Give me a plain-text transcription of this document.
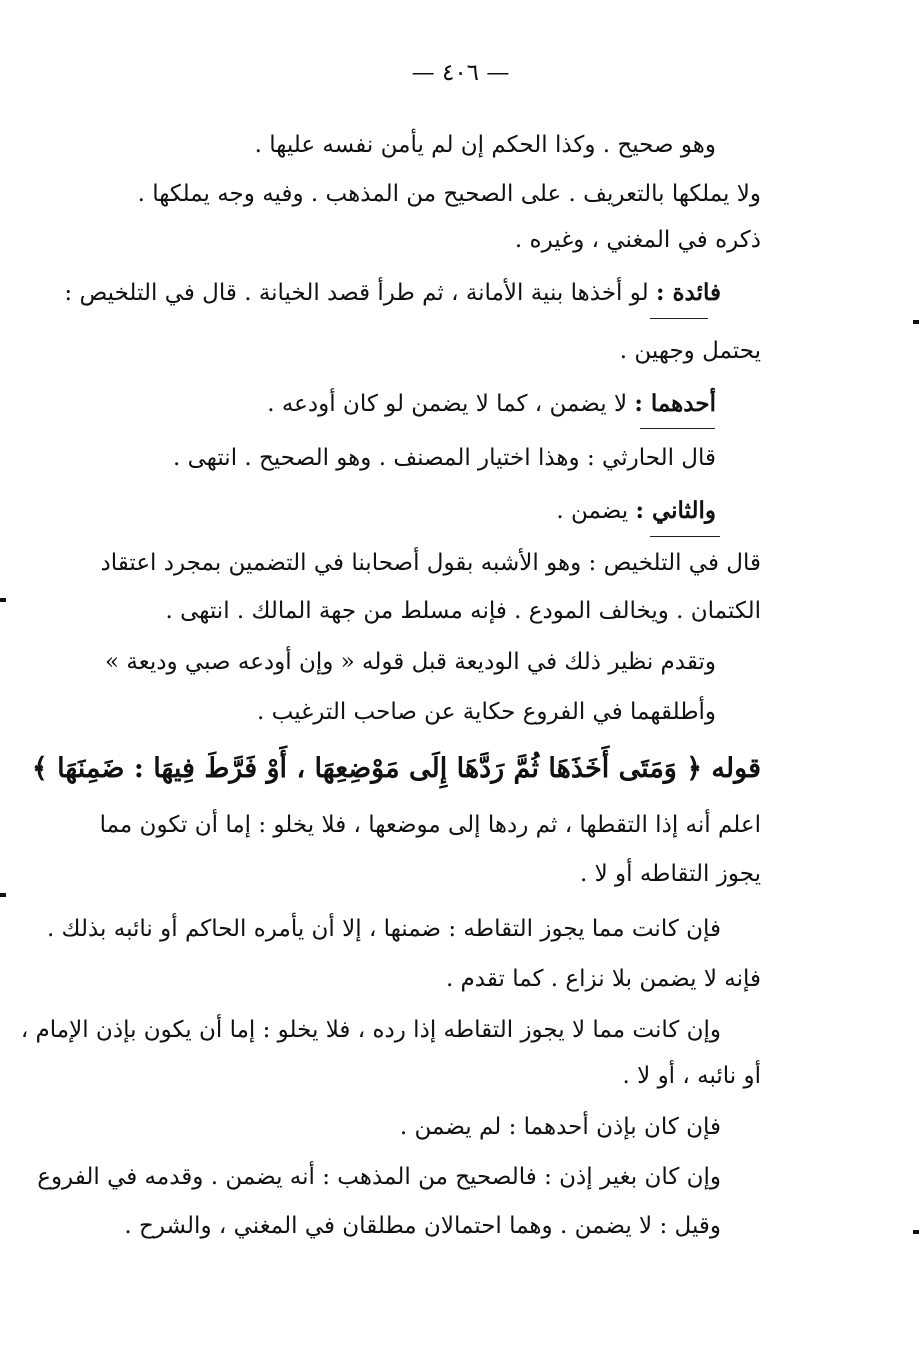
— ٤٠٦ —
وهو صحيح . وكذا الحكم إن لم يأمن نفسه عليها .
ولا يملكها بالتعريف . على الصحيح من المذهب . وفيه وجه يملكها .
ذكره في المغني ، وغيره .
فائدة : لو أخذها بنية الأمانة ، ثم طرأ قصد الخيانة . قال في التلخيص :
يحتمل وجهين .
أحدهما : لا يضمن ، كما لا يضمن لو كان أودعه .
قال الحارثي : وهذا اختيار المصنف . وهو الصحيح . انتهى .
والثاني : يضمن .
قال في التلخيص : وهو الأشبه بقول أصحابنا في التضمين بمجرد اعتقاد
الكتمان . ويخالف المودع . فإنه مسلط من جهة المالك . انتهى .
وتقدم نظير ذلك في الوديعة قبل قوله « وإن أودعه صبي وديعة »
وأطلقهما في الفروع حكاية عن صاحب الترغيب .
قوله ﴿ وَمَتَى أَخَذَهَا ثُمَّ رَدَّهَا إِلَى مَوْضِعِهَا ، أَوْ فَرَّطَ فِيهَا : ضَمِنَهَا ﴾
اعلم أنه إذا التقطها ، ثم ردها إلى موضعها ، فلا يخلو : إما أن تكون مما
يجوز التقاطه أو لا .
فإن كانت مما يجوز التقاطه : ضمنها ، إلا أن يأمره الحاكم أو نائبه بذلك .
فإنه لا يضمن بلا نزاع . كما تقدم .
وإن كانت مما لا يجوز التقاطه إذا رده ، فلا يخلو : إما أن يكون بإذن الإمام ،
أو نائبه ، أو لا .
فإن كان بإذن أحدهما : لم يضمن .
وإن كان بغير إذن : فالصحيح من المذهب : أنه يضمن . وقدمه في الفروع
وقيل : لا يضمن . وهما احتمالان مطلقان في المغني ، والشرح .
